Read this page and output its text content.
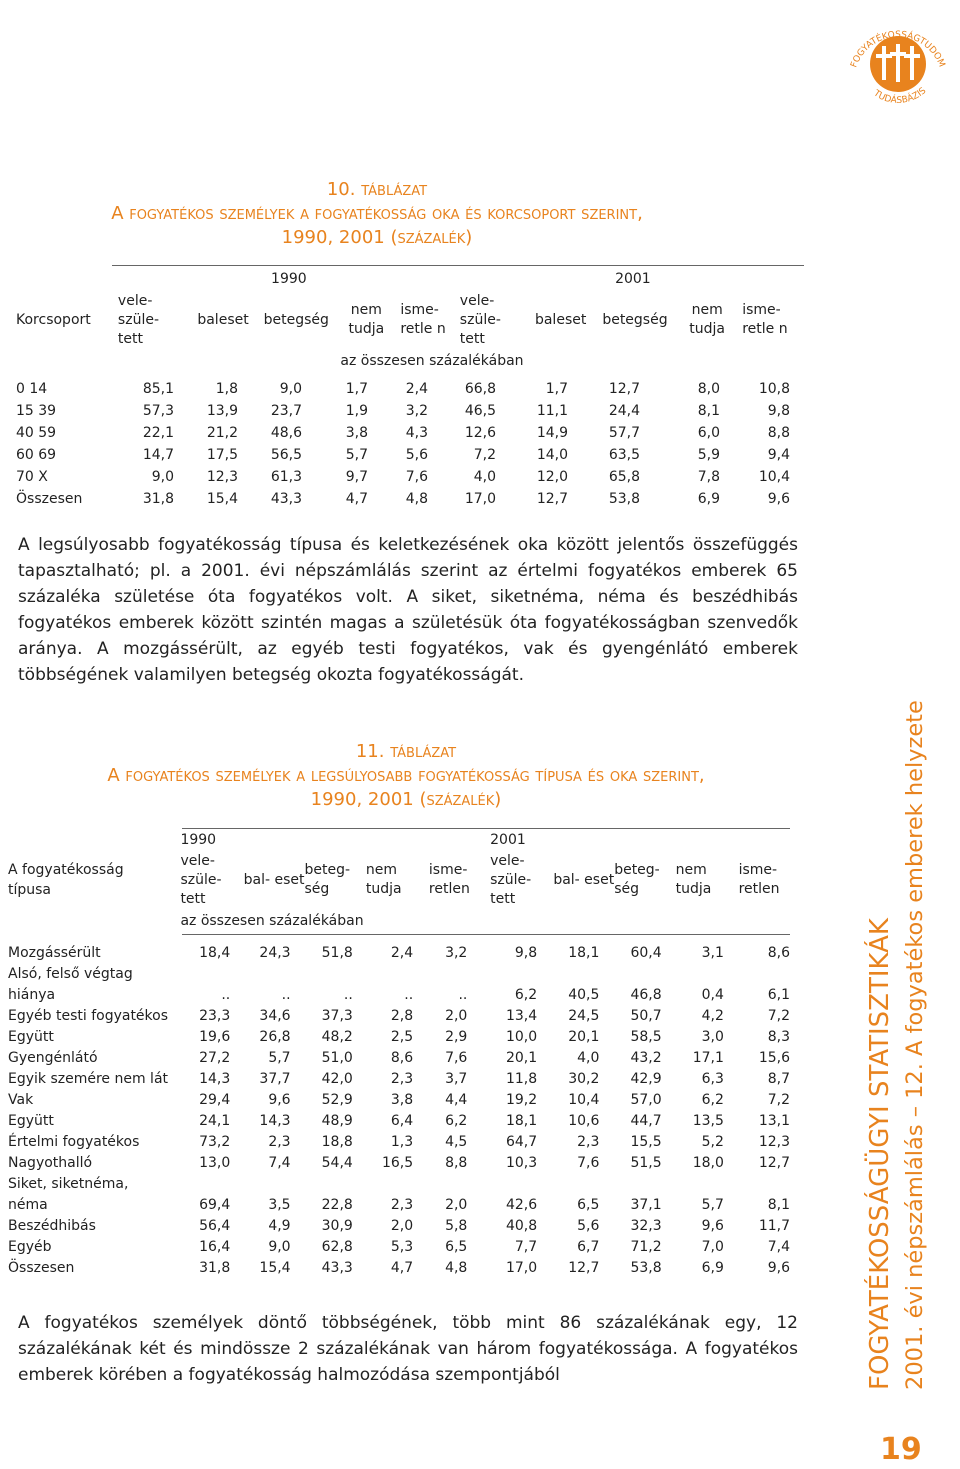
FOGYATÉKOSSÁGTUDOM
TUDÁSBÁZIS
10. táblázat
A fogyatékos személyek a fogyatékosság oka és korcsoport szerint,
1990, 2001 (százalék)
	1990					2001				
Korcsoport	vele- szüle- tett	baleset	betegség	nem tudja	isme- retle n	vele- szüle- tett	baleset	betegség	nem tudja	isme- retle n
	az összesen százalékában									
0 14	85,1	1,8	9,0	1,7	2,4	66,8	1,7	12,7	8,0	10,8
15 39	57,3	13,9	23,7	1,9	3,2	46,5	11,1	24,4	8,1	9,8
40 59	22,1	21,2	48,6	3,8	4,3	12,6	14,9	57,7	6,0	8,8
60 69	14,7	17,5	56,5	5,7	5,6	7,2	14,0	63,5	5,9	9,4
70 X	9,0	12,3	61,3	9,7	7,6	4,0	12,0	65,8	7,8	10,4
Összesen	31,8	15,4	43,3	4,7	4,8	17,0	12,7	53,8	6,9	9,6
A legsúlyosabb fogyatékosság típusa és keletkezésének oka között jelentős összefüggés tapasztalható; pl. a 2001. évi népszámlálás szerint az értelmi fogyatékos emberek 65 százaléka születése óta fogyatékos volt. A siket, siketnéma, néma és beszédhibás fogyatékos emberek között szintén magas a születésük óta fogyatékosságban szenvedők aránya. A mozgássérült, az egyéb testi fogyatékos, vak és gyengénlátó emberek többségének valamilyen betegség okozta fogyatékosságát.
11. táblázat
A fogyatékos személyek a legsúlyosabb fogyatékosság típusa és oka szerint,
1990, 2001 (százalék)
	1990					2001				

A fogyatékosság típusa	vele- szüle- tett	bal- eset	beteg- ség	nem tudja	isme- retlen	vele- szüle- tett	bal- eset	beteg- ség	nem tudja	isme- retlen
	az összesen százalékában									
Mozgássérült	18,4	24,3	51,8	2,4	3,2	9,8	18,1	60,4	3,1	8,6
Alsó, felső végtag										
hiánya	..	..	..	..	..	6,2	40,5	46,8	0,4	6,1
Egyéb testi fogyatékos	23,3	34,6	37,3	2,8	2,0	13,4	24,5	50,7	4,2	7,2
Együtt	19,6	26,8	48,2	2,5	2,9	10,0	20,1	58,5	3,0	8,3
Gyengénlátó	27,2	5,7	51,0	8,6	7,6	20,1	4,0	43,2	17,1	15,6
Egyik szemére nem lát	14,3	37,7	42,0	2,3	3,7	11,8	30,2	42,9	6,3	8,7
Vak	29,4	9,6	52,9	3,8	4,4	19,2	10,4	57,0	6,2	7,2
Együtt	24,1	14,3	48,9	6,4	6,2	18,1	10,6	44,7	13,5	13,1
Értelmi fogyatékos	73,2	2,3	18,8	1,3	4,5	64,7	2,3	15,5	5,2	12,3
Nagyothalló	13,0	7,4	54,4	16,5	8,8	10,3	7,6	51,5	18,0	12,7
Siket, siketnéma,										
néma	69,4	3,5	22,8	2,3	2,0	42,6	6,5	37,1	5,7	8,1
Beszédhibás	56,4	4,9	30,9	2,0	5,8	40,8	5,6	32,3	9,6	11,7
Egyéb	16,4	9,0	62,8	5,3	6,5	7,7	6,7	71,2	7,0	7,4
Összesen	31,8	15,4	43,3	4,7	4,8	17,0	12,7	53,8	6,9	9,6
A fogyatékos személyek döntő többségének, több mint 86 százalékának egy, 12 százalékának két és mindössze 2 százalékának van három fogyatékossága. A fogyatékos emberek körében a fogyatékosság halmozódása szempontjából	FOGYATÉKOSSÁGÜGYI STATISZTIKÁK 2001. évi népszámlálás – 12. A fogyatékos emberek helyzete
19
